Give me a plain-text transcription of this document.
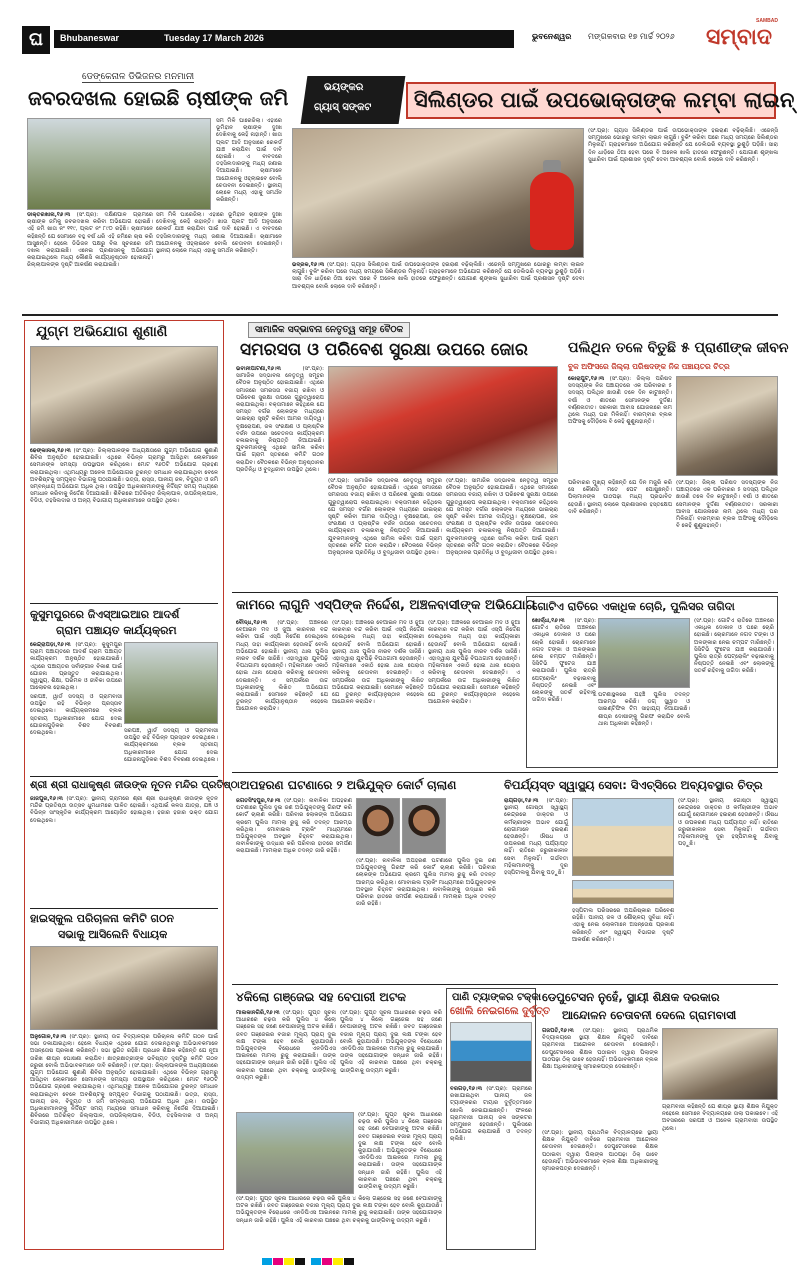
ଘ	Bhubaneswar	Tuesday 17 March 2026	ଭୁବନେଶ୍ୱର ମଙ୍ଗଳବାର ୧୭ ମାର୍ଚ୍ଚ ୨୦୨୬	ସମ୍ବାଦ
SAMBAD
ଡେଙ୍କେନାଳ ଡିଭିଜନର ମନମାନୀ
ଜବରଦଖଲ ହୋଇଛି ଚାଷୀଙ୍କ ଜମି
ସମ ମିଳି ଘାରେଜିଲା। ଏହାରେ ଭୂମିହୀନ ଚାଷୀଙ୍କ ଦୁଃଖ ଦେଖିବାକୁ କେହି ନାହାନ୍ତି। ଖାତା ପ୍ଲଟ ଆଦି ଅନୁସାରେ ରେକର୍ଡ ଯାଞ୍ଚ କରାଯିବା ପାଇଁ ଦାବି ହୋଇଛି। ଏ ବାବଦରେ ତହସିଲଦାରଙ୍କୁ ମଧ୍ୟ ଜଣାଇ ଦିଆଯାଇଛି। ଚାଷୀମାନେ ଆନ୍ଦୋଳନକୁ ଓହ୍ଲାଇବେ ବୋଲି ଚେତାବନୀ ଦେଇଛନ୍ତି। ସ୍ଥାନୀୟ ଲୋକେ ମଧ୍ୟ ଏହାକୁ ସମର୍ଥନ କରିଛନ୍ତି।
ଡାକ୍ତରଖାନା,୧୬।୩ (ସଂ.ପ୍ର): ଦକ୍ଷିଣପାଳ ଗ୍ରାମରେ ଚାଷୀଙ୍କ ଜମିକୁ ଜବରଦଖଲ କରିବା ଅଭିଯୋଗ ହୋଇଛି। ଏହି ଜମି ଖାତା ନଂ ୧୧୯, ପ୍ଲଟ ନଂ ୮୯୦ ରହିଛି। ଚାଷୀମାନେ କହିଛନ୍ତି ଯେ ସେମାନେ ବହୁ ବର୍ଷ ଧରି ଏହି ଜମିରେ ଚାଷ କରି ଆସୁଛନ୍ତି। ହେଲେ ଡିଭିଜନ ପକ୍ଷରୁ ବିନା ସୂଚନାରେ ଜମି ଦଖଲ କରାଯାଇଛି। ଏନେଇ ପ୍ରଶାସନକୁ ଅଭିଯୋଗ କରାଯାଇଥିଲେ ମଧ୍ୟ କୌଣସି କାର୍ଯ୍ୟାନୁଷ୍ଠାନ ହୋଇନାହିଁ। ଜିଲ୍ଲାପାଳଙ୍କ ଦୃଷ୍ଟି ଆକର୍ଷଣ କରାଯାଇଛି।
ସମ ମିଳି ଘାରେଜିଲା। ଏହାରେ ଭୂମିହୀନ ଚାଷୀଙ୍କ ଦୁଃଖ ଦେଖିବାକୁ କେହି ନାହାନ୍ତି। ଖାତା ପ୍ଲଟ ଆଦି ଅନୁସାରେ ରେକର୍ଡ ଯାଞ୍ଚ କରାଯିବା ପାଇଁ ଦାବି ହୋଇଛି। ଏ ବାବଦରେ ତହସିଲଦାରଙ୍କୁ ମଧ୍ୟ ଜଣାଇ ଦିଆଯାଇଛି। ଚାଷୀମାନେ ଆନ୍ଦୋଳନକୁ ଓହ୍ଲାଇବେ ବୋଲି ଚେତାବନୀ ଦେଇଛନ୍ତି। ସ୍ଥାନୀୟ ଲୋକେ ମଧ୍ୟ ଏହାକୁ ସମର୍ଥନ କରିଛନ୍ତି।
ଭୟଙ୍କର
ଗ୍ୟାସ୍ ସଙ୍କଟ	ସିଲିଣ୍ଡର ପାଇଁ ଉପଭୋକ୍ତାଙ୍କ ଲମ୍ବା ଲାଇନ୍
(ସଂ.ପ୍ର): ଗ୍ୟାସ ସିଲିଣ୍ଡର ପାଇଁ ଉପଭୋକ୍ତାଙ୍କ ହଇରାଣ ବଢ଼ିଚାଲିଛି। ଏଜେନ୍ସି ସମ୍ମୁଖରେ ଭୋରରୁ ଲମ୍ବା ଲାଇନ ଲାଗୁଛି। ବୁକିଂ କରିବା ପରେ ମଧ୍ୟ ସମୟରେ ସିଲିଣ୍ଡର ମିଳୁନାହିଁ। ଗ୍ରାହକମାନେ ଅଭିଯୋଗ କରିଛନ୍ତି ଯେ ଡେଲିଭରି ବ୍ୟବସ୍ଥା ଭୁଶୁଡ଼ି ପଡ଼ିଛି। ସାରା ଦିନ ଧାଡ଼ିରେ ଠିଆ ହେବା ପରେ ବି ଅନେକ ଖାଲି ହାତରେ ଫେରୁଛନ୍ତି। ଯୋଗାଣ ଶୃଙ୍ଖଳା ସୁଧାରିବା ପାଇଁ ପ୍ରଶାସନ ଦୃଷ୍ଟି ଦେବା ଆବଶ୍ୟକ ବୋଲି ଲୋକେ ଦାବି କରିଛନ୍ତି।
ଭଦ୍ରକ,୧୬।୩ (ସଂ.ପ୍ର): ଗ୍ୟାସ ସିଲିଣ୍ଡର ପାଇଁ ଉପଭୋକ୍ତାଙ୍କ ହଇରାଣ ବଢ଼ିଚାଲିଛି। ଏଜେନ୍ସି ସମ୍ମୁଖରେ ଭୋରରୁ ଲମ୍ବା ଲାଇନ ଲାଗୁଛି। ବୁକିଂ କରିବା ପରେ ମଧ୍ୟ ସମୟରେ ସିଲିଣ୍ଡର ମିଳୁନାହିଁ। ଗ୍ରାହକମାନେ ଅଭିଯୋଗ କରିଛନ୍ତି ଯେ ଡେଲିଭରି ବ୍ୟବସ୍ଥା ଭୁଶୁଡ଼ି ପଡ଼ିଛି। ସାରା ଦିନ ଧାଡ଼ିରେ ଠିଆ ହେବା ପରେ ବି ଅନେକ ଖାଲି ହାତରେ ଫେରୁଛନ୍ତି। ଯୋଗାଣ ଶୃଙ୍ଖଳା ସୁଧାରିବା ପାଇଁ ପ୍ରଶାସନ ଦୃଷ୍ଟି ଦେବା ଆବଶ୍ୟକ ବୋଲି ଲୋକେ ଦାବି କରିଛନ୍ତି।
ଯୁଗ୍ମ ଅଭିଯୋଗ ଶୁଣାଣି
ଢେଙ୍କାନାଳ,୧୬।୩ (ସଂ.ପ୍ର): ଜିଲ୍ଲାପାଳଙ୍କ ଅଧ୍ୟକ୍ଷତାରେ ଯୁଗ୍ମ ଅଭିଯୋଗ ଶୁଣାଣି ଶିବିର ଅନୁଷ୍ଠିତ ହୋଇଯାଇଛି। ଏଥିରେ ବିଭିନ୍ନ ଗ୍ରାମରୁ ଆସିଥିବା ଲୋକମାନେ ସେମାନଙ୍କ ସମସ୍ୟା ଉପସ୍ଥାପନ କରିଥିଲେ। ମୋଟ ୧୬୦ଟି ଅଭିଯୋଗ ଗ୍ରହଣ କରାଯାଇଥିଲା। ଏଥିମଧ୍ୟରୁ ଅନେକ ଅଭିଯୋଗର ତୁରନ୍ତ ସମାଧାନ କରାଯାଇଥିବା ବେଳେ ଅବଶିଷ୍ଟକୁ ସମ୍ପୃକ୍ତ ବିଭାଗକୁ ପଠାଯାଇଛି। ଭତ୍ତା, ରାସ୍ତା, ପାନୀୟ ଜଳ, ବିଦ୍ୟୁତ ଓ ଜମି ସମ୍ବନ୍ଧୀୟ ଅଭିଯୋଗ ଅଧିକ ଥିଲା। ଉପସ୍ଥିତ ଅଧିକାରୀମାନଙ୍କୁ ନିର୍ଦ୍ଦିଷ୍ଟ ସମୟ ମଧ୍ୟରେ ସମାଧାନ କରିବାକୁ ନିର୍ଦ୍ଦେଶ ଦିଆଯାଇଛି। ଶିବିରରେ ଅତିରିକ୍ତ ଜିଲ୍ଲାପାଳ, ଉପଜିଲ୍ଲାପାଳ, ବିଡିଓ, ତହସିଲଦାର ଓ ଅନ୍ୟ ବିଭାଗୀୟ ଅଧିକାରୀମାନେ ଉପସ୍ଥିତ ଥିଲେ।
କୁସୁମପୁରରେ ଜିଏସ୍ଆଇଆର ଆଦର୍ଶ
ଗ୍ରାମ ପଞ୍ଚାୟତ କାର୍ଯ୍ୟକ୍ରମ
କେନ୍ଦ୍ରାପଡ଼ା,୧୬।୩ (ସଂ.ପ୍ର): କୁସୁମପୁର ଗ୍ରାମ ପଞ୍ଚାୟତରେ ଆଦର୍ଶ ଗ୍ରାମ ପଞ୍ଚାୟତ କାର୍ଯ୍ୟକ୍ରମ ଅନୁଷ୍ଠିତ ହୋଇଯାଇଛି। ଏଥିରେ ପଞ୍ଚାୟତର ସର୍ବାଙ୍ଗୀନ ବିକାଶ ପାଇଁ ଯୋଜନା ପ୍ରସ୍ତୁତ କରାଯାଇଥିଲା। ସ୍ୱାସ୍ଥ୍ୟ, ଶିକ୍ଷା, ପରିମଳ ଓ ଜୀବିକା ଉପରେ ଆଲୋଚନା ହୋଇଥିଲା।
ସରପଞ୍ଚ, ୱାର୍ଡ ସଦସ୍ୟ ଓ ଗ୍ରାମବାସୀ ଉପସ୍ଥିତ ରହି ବିଭିନ୍ନ ପ୍ରସ୍ତାବ ଦେଇଥିଲେ। କାର୍ଯ୍ୟକ୍ରମରେ ବ୍ଲକ ସ୍ତରୀୟ ଅଧିକାରୀମାନେ ଯୋଗ ଦେଇ ଯୋଜନାଗୁଡ଼ିକର ବିଶଦ ବିବରଣୀ ଦେଇଥିଲେ।	ସରପଞ୍ଚ, ୱାର୍ଡ ସଦସ୍ୟ ଓ ଗ୍ରାମବାସୀ ଉପସ୍ଥିତ ରହି ବିଭିନ୍ନ ପ୍ରସ୍ତାବ ଦେଇଥିଲେ। କାର୍ଯ୍ୟକ୍ରମରେ ବ୍ଲକ ସ୍ତରୀୟ ଅଧିକାରୀମାନେ ଯୋଗ ଦେଇ ଯୋଜନାଗୁଡ଼ିକର ବିଶଦ ବିବରଣୀ ଦେଇଥିଲେ।
ଶ୍ରୀ ଶ୍ରୀ ରାଧାକୃଷ୍ଣ ଜୀଉଙ୍କ ନୂତନ ମନ୍ଦିର ପ୍ରତିଷ୍ଠା
ଜାଜପୁର,୧୬।୩ (ସଂ.ପ୍ର): ସ୍ଥାନୀୟ ଗ୍ରାମରେ ଶ୍ରୀ ଶ୍ରୀ ରାଧାକୃଷ୍ଣ ଜୀଉଙ୍କ ନୂତନ ମନ୍ଦିର ପ୍ରତିଷ୍ଠା ଉତ୍ସବ ଧୁମଧାମରେ ପାଳିତ ହୋଇଛି। ଏଥିପାଇଁ କଳସ ଯାତ୍ରା, ଯଜ୍ଞ ଓ ବିଭିନ୍ନ ସାଂସ୍କୃତିକ କାର୍ଯ୍ୟକ୍ରମ ଆୟୋଜିତ ହୋଇଥିଲା। ହଜାର ହଜାର ଭକ୍ତ ଯୋଗ ଦେଇଥିଲେ।
ହାଇସ୍କୁଲ ପରିଚାଳନା କମିଟି ଗଠନ
ସଭାକୁ ଆସିଲେନି ବିଧାୟକ
ଅନୁଗୋଳ,୧୬।୩ (ସଂ.ପ୍ର): ସ୍ଥାନୀୟ ଉଚ୍ଚ ବିଦ୍ୟାଳୟର ପରିଚାଳନା କମିଟି ଗଠନ ପାଇଁ ସଭା ଡକାଯାଇଥିଲା। ହେଲେ ବିଧାୟକ ଏଥିରେ ଯୋଗ ଦେଇନଥିବାରୁ ଅଭିଭାବକମାନେ ଅସନ୍ତୋଷ ପ୍ରକାଶ କରିଛନ୍ତି। ସଭା ସ୍ଥଗିତ ରହିଛି। ପ୍ରଧାନ ଶିକ୍ଷକ କହିଛନ୍ତି ଯେ ନୂଆ ତାରିଖ ଶୀଘ୍ର ଘୋଷଣା କରାଯିବ। ଛାତ୍ରଛାତ୍ରୀଙ୍କ ଭବିଷ୍ୟତ ଦୃଷ୍ଟିରୁ କମିଟି ଗଠନ ଜରୁରୀ ବୋଲି ଅଭିଭାବକମାନେ ଦାବି କରିଛନ୍ତି। (ସଂ.ପ୍ର): ଜିଲ୍ଲାପାଳଙ୍କ ଅଧ୍ୟକ୍ଷତାରେ ଯୁଗ୍ମ ଅଭିଯୋଗ ଶୁଣାଣି ଶିବିର ଅନୁଷ୍ଠିତ ହୋଇଯାଇଛି। ଏଥିରେ ବିଭିନ୍ନ ଗ୍ରାମରୁ ଆସିଥିବା ଲୋକମାନେ ସେମାନଙ୍କ ସମସ୍ୟା ଉପସ୍ଥାପନ କରିଥିଲେ। ମୋଟ ୧୬୦ଟି ଅଭିଯୋଗ ଗ୍ରହଣ କରାଯାଇଥିଲା। ଏଥିମଧ୍ୟରୁ ଅନେକ ଅଭିଯୋଗର ତୁରନ୍ତ ସମାଧାନ କରାଯାଇଥିବା ବେଳେ ଅବଶିଷ୍ଟକୁ ସମ୍ପୃକ୍ତ ବିଭାଗକୁ ପଠାଯାଇଛି। ଭତ୍ତା, ରାସ୍ତା, ପାନୀୟ ଜଳ, ବିଦ୍ୟୁତ ଓ ଜମି ସମ୍ବନ୍ଧୀୟ ଅଭିଯୋଗ ଅଧିକ ଥିଲା। ଉପସ୍ଥିତ ଅଧିକାରୀମାନଙ୍କୁ ନିର୍ଦ୍ଦିଷ୍ଟ ସମୟ ମଧ୍ୟରେ ସମାଧାନ କରିବାକୁ ନିର୍ଦ୍ଦେଶ ଦିଆଯାଇଛି। ଶିବିରରେ ଅତିରିକ୍ତ ଜିଲ୍ଲାପାଳ, ଉପଜିଲ୍ଲାପାଳ, ବିଡିଓ, ତହସିଲଦାର ଓ ଅନ୍ୟ ବିଭାଗୀୟ ଅଧିକାରୀମାନେ ଉପସ୍ଥିତ ଥିଲେ।
ସାମାଜିକ ସଦ୍‌ଭାବନା ନେତୃତ୍ୱ ସମୂହ ବୈଠକ
ସମରସତା ଓ ପରିବେଶ ସୁରକ୍ଷା ଉପରେ ଜୋର
ଭବାନୀପାଟଣା,୧୬।୩	(ସଂ.ପ୍ର): ସାମାଜିକ ସଦ୍‌ଭାବନା ନେତୃତ୍ୱ ସମୂହର ବୈଠକ ଅନୁଷ୍ଠିତ ହୋଇଯାଇଛି। ଏଥିରେ ସମାଜରେ ସମରସତା ବଜାୟ ରଖିବା ଓ ପରିବେଶ ସୁରକ୍ଷା ଉପରେ ଗୁରୁତ୍ୱାରୋପ କରାଯାଇଥିଲା। ବକ୍ତାମାନେ କହିଥିଲେ ଯେ ସମସ୍ତ ବର୍ଗର ଲୋକଙ୍କ ମଧ୍ୟରେ ଭାଇଚାରା ସୃଷ୍ଟି କରିବା ଆମର ଦାୟିତ୍ୱ। ବୃକ୍ଷରୋପଣ, ଜଳ ସଂରକ୍ଷଣ ଓ ପ୍ଲାଷ୍ଟିକ ବର୍ଜନ ଉପରେ ସଚେତନତା କାର୍ଯ୍ୟକ୍ରମ ଚଳାଇବାକୁ ନିଷ୍ପତ୍ତି ନିଆଯାଇଛି। ଯୁବକମାନଙ୍କୁ ଏଥିରେ ସାମିଲ କରିବା ପାଇଁ ଗ୍ରାମ ସ୍ତରରେ କମିଟି ଗଠନ କରାଯିବ। ବୈଠକରେ ବିଭିନ୍ନ ଅନୁଷ୍ଠାନର ପ୍ରତିନିଧି ଓ ବୁଦ୍ଧିଜୀବୀ ଉପସ୍ଥିତ ଥିଲେ।
(ସଂ.ପ୍ର): ସାମାଜିକ ସଦ୍‌ଭାବନା ନେତୃତ୍ୱ ସମୂହର ବୈଠକ ଅନୁଷ୍ଠିତ ହୋଇଯାଇଛି। ଏଥିରେ ସମାଜରେ ସମରସତା ବଜାୟ ରଖିବା ଓ ପରିବେଶ ସୁରକ୍ଷା ଉପରେ ଗୁରୁତ୍ୱାରୋପ କରାଯାଇଥିଲା। ବକ୍ତାମାନେ କହିଥିଲେ ଯେ ସମସ୍ତ ବର୍ଗର ଲୋକଙ୍କ ମଧ୍ୟରେ ଭାଇଚାରା ସୃଷ୍ଟି କରିବା ଆମର ଦାୟିତ୍ୱ। ବୃକ୍ଷରୋପଣ, ଜଳ ସଂରକ୍ଷଣ ଓ ପ୍ଲାଷ୍ଟିକ ବର୍ଜନ ଉପରେ ସଚେତନତା କାର୍ଯ୍ୟକ୍ରମ ଚଳାଇବାକୁ ନିଷ୍ପତ୍ତି ନିଆଯାଇଛି। ଯୁବକମାନଙ୍କୁ ଏଥିରେ ସାମିଲ କରିବା ପାଇଁ ଗ୍ରାମ ସ୍ତରରେ କମିଟି ଗଠନ କରାଯିବ। ବୈଠକରେ ବିଭିନ୍ନ ଅନୁଷ୍ଠାନର ପ୍ରତିନିଧି ଓ ବୁଦ୍ଧିଜୀବୀ ଉପସ୍ଥିତ ଥିଲେ।
(ସଂ.ପ୍ର): ସାମାଜିକ ସଦ୍‌ଭାବନା ନେତୃତ୍ୱ ସମୂହର ବୈଠକ ଅନୁଷ୍ଠିତ ହୋଇଯାଇଛି। ଏଥିରେ ସମାଜରେ ସମରସତା ବଜାୟ ରଖିବା ଓ ପରିବେଶ ସୁରକ୍ଷା ଉପରେ ଗୁରୁତ୍ୱାରୋପ କରାଯାଇଥିଲା। ବକ୍ତାମାନେ କହିଥିଲେ ଯେ ସମସ୍ତ ବର୍ଗର ଲୋକଙ୍କ ମଧ୍ୟରେ ଭାଇଚାରା ସୃଷ୍ଟି କରିବା ଆମର ଦାୟିତ୍ୱ। ବୃକ୍ଷରୋପଣ, ଜଳ ସଂରକ୍ଷଣ ଓ ପ୍ଲାଷ୍ଟିକ ବର୍ଜନ ଉପରେ ସଚେତନତା କାର୍ଯ୍ୟକ୍ରମ ଚଳାଇବାକୁ ନିଷ୍ପତ୍ତି ନିଆଯାଇଛି। ଯୁବକମାନଙ୍କୁ ଏଥିରେ ସାମିଲ କରିବା ପାଇଁ ଗ୍ରାମ ସ୍ତରରେ କମିଟି ଗଠନ କରାଯିବ। ବୈଠକରେ ବିଭିନ୍ନ ଅନୁଷ୍ଠାନର ପ୍ରତିନିଧି ଓ ବୁଦ୍ଧିଜୀବୀ ଉପସ୍ଥିତ ଥିଲେ।
ପଲିଥିନ ତଳେ ବିତୁଛି ୫ ପ୍ରାଣୀଙ୍କ ଜୀବନ
ବୁକ ଅଫିସରେ ଜିଲ୍ଲା ପରିଷଦଙ୍କ ନିଜ ପଞ୍ଚାୟତର ଚିତ୍ର
କୋରାପୁଟ,୧୬।୩ (ସଂ.ପ୍ର): ଜିଲ୍ଲା ପରିଷଦ ସଦସ୍ୟଙ୍କ ନିଜ ପଞ୍ଚାୟତରେ ଏକ ପରିବାରର ୫ ସଦସ୍ୟ ପଲିଥିନ ଛାଉଣି ତଳେ ଦିନ କାଟୁଛନ୍ତି। ବର୍ଷା ଓ ଶୀତରେ ସେମାନଙ୍କ ଦୁର୍ଦ୍ଦଶା ବର୍ଣ୍ଣନାତୀତ। ସରକାରୀ ଆବାସ ଯୋଜନାରେ ନାମ ଥିଲେ ମଧ୍ୟ ଘର ମିଳିନାହିଁ। ବାରମ୍ବାର ବ୍ଲକ ଅଫିସକୁ ଦୌଡ଼ିଲେ ବି କେହି ଶୁଣୁନାହାନ୍ତି।
ପରିବାରର ମୁଖ୍ୟ କହିଛନ୍ତି ଯେ ଦିନ ମଜୁରି କରି ସେ କୌଣସି ମତେ ପେଟ ପୋଷୁଛନ୍ତି। ପିଲାମାନଙ୍କ ପାଠପଢ଼ା ମଧ୍ୟ ପ୍ରଭାବିତ ହେଉଛି। ସ୍ଥାନୀୟ ଲୋକେ ପ୍ରଶାସନର ହସ୍ତକ୍ଷେପ ଦାବି କରିଛନ୍ତି।
(ସଂ.ପ୍ର): ଜିଲ୍ଲା ପରିଷଦ ସଦସ୍ୟଙ୍କ ନିଜ ପଞ୍ଚାୟତରେ ଏକ ପରିବାରର ୫ ସଦସ୍ୟ ପଲିଥିନ ଛାଉଣି ତଳେ ଦିନ କାଟୁଛନ୍ତି। ବର୍ଷା ଓ ଶୀତରେ ସେମାନଙ୍କ ଦୁର୍ଦ୍ଦଶା ବର୍ଣ୍ଣନାତୀତ। ସରକାରୀ ଆବାସ ଯୋଜନାରେ ନାମ ଥିଲେ ମଧ୍ୟ ଘର ମିଳିନାହିଁ। ବାରମ୍ବାର ବ୍ଲକ ଅଫିସକୁ ଦୌଡ଼ିଲେ ବି କେହି ଶୁଣୁନାହାନ୍ତି।
କାମରେ ଲାଗୁନି ଏସ୍‌ପିଙ୍କ ନିର୍ଦ୍ଦେଶ, ଅଞ୍ଚଳବାସୀଙ୍କ ଅଭିଯୋଗ
ବୌଦ୍ଧ,୧୬।୩ (ସଂ.ପ୍ର): ଅଞ୍ଚଳରେ ବେଆଇନ ମଦ ଓ ଜୁଆ କାରବାର ବନ୍ଦ କରିବା ପାଇଁ ଏସ୍‌ପି ନିର୍ଦ୍ଦେଶ ଦେଇଥିଲେ ମଧ୍ୟ ତାହା କାର୍ଯ୍ୟକାରୀ ହେଉନାହିଁ ବୋଲି ଅଭିଯୋଗ ହୋଇଛି। ସ୍ଥାନୀୟ ଥାନା ପୁଲିସ ନୀରବ ଦର୍ଶକ ସାଜିଛି। ଏହାଦ୍ୱାରା ଯୁବପିଢ଼ି ବିପଥଗାମୀ ହେଉଛନ୍ତି। ମହିଳାମାନେ ଏକାଠି ହୋଇ ଥାନା ଘେରାଉ କରିବାକୁ ଚେତାବନୀ ଦେଇଛନ୍ତି। ଏ ସମ୍ପର୍କରେ ଉଚ୍ଚ ଅଧିକାରୀଙ୍କୁ ଲିଖିତ ଅଭିଯୋଗ କରାଯାଇଛି। ସେମାନେ କହିଛନ୍ତି ଯେ ତୁରନ୍ତ କାର୍ଯ୍ୟାନୁଷ୍ଠାନ ନହେଲେ ଆନ୍ଦୋଳନ କରାଯିବ।
(ସଂ.ପ୍ର): ଅଞ୍ଚଳରେ ବେଆଇନ ମଦ ଓ ଜୁଆ କାରବାର ବନ୍ଦ କରିବା ପାଇଁ ଏସ୍‌ପି ନିର୍ଦ୍ଦେଶ ଦେଇଥିଲେ ମଧ୍ୟ ତାହା କାର୍ଯ୍ୟକାରୀ ହେଉନାହିଁ ବୋଲି ଅଭିଯୋଗ ହୋଇଛି। ସ୍ଥାନୀୟ ଥାନା ପୁଲିସ ନୀରବ ଦର୍ଶକ ସାଜିଛି। ଏହାଦ୍ୱାରା ଯୁବପିଢ଼ି ବିପଥଗାମୀ ହେଉଛନ୍ତି। ମହିଳାମାନେ ଏକାଠି ହୋଇ ଥାନା ଘେରାଉ କରିବାକୁ ଚେତାବନୀ ଦେଇଛନ୍ତି। ଏ ସମ୍ପର୍କରେ ଉଚ୍ଚ ଅଧିକାରୀଙ୍କୁ ଲିଖିତ ଅଭିଯୋଗ କରାଯାଇଛି। ସେମାନେ କହିଛନ୍ତି ଯେ ତୁରନ୍ତ କାର୍ଯ୍ୟାନୁଷ୍ଠାନ ନହେଲେ ଆନ୍ଦୋଳନ କରାଯିବ।
(ସଂ.ପ୍ର): ଅଞ୍ଚଳରେ ବେଆଇନ ମଦ ଓ ଜୁଆ କାରବାର ବନ୍ଦ କରିବା ପାଇଁ ଏସ୍‌ପି ନିର୍ଦ୍ଦେଶ ଦେଇଥିଲେ ମଧ୍ୟ ତାହା କାର୍ଯ୍ୟକାରୀ ହେଉନାହିଁ ବୋଲି ଅଭିଯୋଗ ହୋଇଛି। ସ୍ଥାନୀୟ ଥାନା ପୁଲିସ ନୀରବ ଦର୍ଶକ ସାଜିଛି। ଏହାଦ୍ୱାରା ଯୁବପିଢ଼ି ବିପଥଗାମୀ ହେଉଛନ୍ତି। ମହିଳାମାନେ ଏକାଠି ହୋଇ ଥାନା ଘେରାଉ କରିବାକୁ ଚେତାବନୀ ଦେଇଛନ୍ତି। ଏ ସମ୍ପର୍କରେ ଉଚ୍ଚ ଅଧିକାରୀଙ୍କୁ ଲିଖିତ ଅଭିଯୋଗ କରାଯାଇଛି। ସେମାନେ କହିଛନ୍ତି ଯେ ତୁରନ୍ତ କାର୍ଯ୍ୟାନୁଷ୍ଠାନ ନହେଲେ ଆନ୍ଦୋଳନ କରାଯିବ।
ଗୋଟିଏ ରାତିରେ ଏକାଧିକ ଚୋରି, ପୁଲିସର ତାଗିଦା
ଖୋର୍ଦ୍ଧା,୧୬।୩ (ସଂ.ପ୍ର): ଗୋଟିଏ ରାତିରେ ଅଞ୍ଚଳରେ ଏକାଧିକ ଦୋକାନ ଓ ଘରେ ଚୋରି ହୋଇଛି। ଚୋରମାନେ ନଗଦ ଟଙ୍କା ଓ ଅଳଙ୍କାର ନେଇ ଚମ୍ପଟ ମାରିଛନ୍ତି। ସିସିଟିଭି ଫୁଟେଜ ଯାଞ୍ଚ କରାଯାଉଛି। ପୁଲିସ ରାତ୍ରି ପେଟ୍ରୋଲିଂ ବଢ଼ାଇବାକୁ ନିଷ୍ପତ୍ତି ନେଇଛି ଏବଂ ଲୋକଙ୍କୁ ସତର୍କ ରହିବାକୁ ତାଗିଦା କରିଛି।
ଘଟଣାସ୍ଥଳରେ ପହଞ୍ଚି ପୁଲିସ ତଦନ୍ତ ଆରମ୍ଭ କରିଛି। ଡଗ୍ ସ୍କ୍ୱାଡ ଓ ସାଇଣ୍ଟିଫିକ ଟିମ ସାହାଯ୍ୟ ନିଆଯାଇଛି। ଶୀଘ୍ର ଦୋଷୀଙ୍କୁ ଗିରଫ କରାଯିବ ବୋଲି ଥାନା ଅଧିକାରୀ କହିଛନ୍ତି।
(ସଂ.ପ୍ର): ଗୋଟିଏ ରାତିରେ ଅଞ୍ଚଳରେ ଏକାଧିକ ଦୋକାନ ଓ ଘରେ ଚୋରି ହୋଇଛି। ଚୋରମାନେ ନଗଦ ଟଙ୍କା ଓ ଅଳଙ୍କାର ନେଇ ଚମ୍ପଟ ମାରିଛନ୍ତି। ସିସିଟିଭି ଫୁଟେଜ ଯାଞ୍ଚ କରାଯାଉଛି। ପୁଲିସ ରାତ୍ରି ପେଟ୍ରୋଲିଂ ବଢ଼ାଇବାକୁ ନିଷ୍ପତ୍ତି ନେଇଛି ଏବଂ ଲୋକଙ୍କୁ ସତର୍କ ରହିବାକୁ ତାଗିଦା କରିଛି।
ଅପହରଣ ଘଟଣାରେ ୨ ଅଭିଯୁକ୍ତ କୋର୍ଟ ଚାଲାଣ
ଜଗତସିଂହପୁର,୧୬।୩ (ସଂ.ପ୍ର): ନାବାଳିକା ଅପହରଣ ଘଟଣାରେ ପୁଲିସ ଦୁଇ ଜଣ ଅଭିଯୁକ୍ତଙ୍କୁ ଗିରଫ କରି କୋର୍ଟ ଚାଲାଣ କରିଛି। ପରିବାର ଲୋକଙ୍କ ଅଭିଯୋଗ କ୍ରମେ ପୁଲିସ ମାମଲା ରୁଜୁ କରି ତଦନ୍ତ ଆରମ୍ଭ କରିଥିଲା। ମୋବାଇଲ ଟ୍ରାକିଂ ମାଧ୍ୟମରେ ଅଭିଯୁକ୍ତଙ୍କ ଅବସ୍ଥାନ ଚିହ୍ନଟ କରାଯାଇଥିଲା। ନାବାଳିକାଙ୍କୁ ଉଦ୍ଧାର କରି ପରିବାର ହାତରେ ସମର୍ପଣ କରାଯାଇଛି। ମାମଲାର ଅଧିକ ତଦନ୍ତ ଜାରି ରହିଛି।
(ସଂ.ପ୍ର): ନାବାଳିକା ଅପହରଣ ଘଟଣାରେ ପୁଲିସ ଦୁଇ ଜଣ ଅଭିଯୁକ୍ତଙ୍କୁ ଗିରଫ କରି କୋର୍ଟ ଚାଲାଣ କରିଛି। ପରିବାର ଲୋକଙ୍କ ଅଭିଯୋଗ କ୍ରମେ ପୁଲିସ ମାମଲା ରୁଜୁ କରି ତଦନ୍ତ ଆରମ୍ଭ କରିଥିଲା। ମୋବାଇଲ ଟ୍ରାକିଂ ମାଧ୍ୟମରେ ଅଭିଯୁକ୍ତଙ୍କ ଅବସ୍ଥାନ ଚିହ୍ନଟ କରାଯାଇଥିଲା। ନାବାଳିକାଙ୍କୁ ଉଦ୍ଧାର କରି ପରିବାର ହାତରେ ସମର୍ପଣ କରାଯାଇଛି। ମାମଲାର ଅଧିକ ତଦନ୍ତ ଜାରି ରହିଛି।
ବିପର୍ଯ୍ୟସ୍ତ ସ୍ୱାସ୍ଥ୍ୟ ସେବା: ସିଏଚ୍‌ସିରେ ଅବ୍ୟବସ୍ଥାର ଚିତ୍ର
ରାୟଗଡ଼ା,୧୬।୩ (ସଂ.ପ୍ର): ସ୍ଥାନୀୟ ଗୋଷ୍ଠୀ ସ୍ୱାସ୍ଥ୍ୟ କେନ୍ଦ୍ରରେ ଡାକ୍ତର ଓ କର୍ମଚାରୀଙ୍କ ଅଭାବ ଯୋଗୁଁ ରୋଗୀମାନେ ହଇରାଣ ହେଉଛନ୍ତି। ଔଷଧ ଓ ଉପକରଣ ମଧ୍ୟ ପର୍ଯ୍ୟାପ୍ତ ନାହିଁ। ରାତିରେ ଜରୁରୀକାଳୀନ ସେବା ମିଳୁନାହିଁ। ଗର୍ଭବତୀ ମହିଳାମାନଙ୍କୁ ଦୂର ହସ୍ପିଟାଲକୁ ଯିବାକୁ ପଡ଼ୁଛି।
ହସ୍ପିଟାଲ ପରିସରରେ ଅପରିଷ୍କାର ପରିବେଶ ରହିଛି। ପାନୀୟ ଜଳ ଓ ଶୌଚାଳୟ ସୁବିଧା ନାହିଁ। ଏହାକୁ ନେଇ ଲୋକମାନେ ଅସନ୍ତୋଷ ପ୍ରକାଶ କରିଛନ୍ତି ଏବଂ ସ୍ୱାସ୍ଥ୍ୟ ବିଭାଗର ଦୃଷ୍ଟି ଆକର୍ଷଣ କରିଛନ୍ତି।
(ସଂ.ପ୍ର): ସ୍ଥାନୀୟ ଗୋଷ୍ଠୀ ସ୍ୱାସ୍ଥ୍ୟ କେନ୍ଦ୍ରରେ ଡାକ୍ତର ଓ କର୍ମଚାରୀଙ୍କ ଅଭାବ ଯୋଗୁଁ ରୋଗୀମାନେ ହଇରାଣ ହେଉଛନ୍ତି। ଔଷଧ ଓ ଉପକରଣ ମଧ୍ୟ ପର୍ଯ୍ୟାପ୍ତ ନାହିଁ। ରାତିରେ ଜରୁରୀକାଳୀନ ସେବା ମିଳୁନାହିଁ। ଗର୍ଭବତୀ ମହିଳାମାନଙ୍କୁ ଦୂର ହସ୍ପିଟାଲକୁ ଯିବାକୁ ପଡ଼ୁଛି।
୪କିଲୋ ଗଞ୍ଜେଇ ସହ ବେପାରୀ ଅଟକ
ମାଲକାନଗିରି,୧୬।୩ (ସଂ.ପ୍ର): ଗୁପ୍ତ ସୂଚନା ଆଧାରରେ ଚଢ଼ଉ କରି ପୁଲିସ ୪ କିଲୋ ଗଞ୍ଜେଇ ସହ ଜଣେ ବେପାରୀଙ୍କୁ ଅଟକ ରଖିଛି। ଜବତ ଗଞ୍ଜେଇର ବଜାର ମୂଲ୍ୟ ପ୍ରାୟ ଦୁଇ ଲକ୍ଷ ଟଙ୍କା ହେବ ବୋଲି କୁହାଯାଉଛି। ଅଭିଯୁକ୍ତଙ୍କ ବିରୋଧରେ ଏନଡିପିଏସ ଆଇନରେ ମାମଲା ରୁଜୁ କରାଯାଇଛି। ତାଙ୍କ ସହଯୋଗୀଙ୍କ ସନ୍ଧାନ ଜାରି ରହିଛି। ପୁଲିସ ଏହି କାରବାର ପଛରେ ଥିବା ଚକ୍ରକୁ ଭାଙ୍ଗିବାକୁ ଉଦ୍ୟମ କରୁଛି।
(ସଂ.ପ୍ର): ଗୁପ୍ତ ସୂଚନା ଆଧାରରେ ଚଢ଼ଉ କରି ପୁଲିସ ୪ କିଲୋ ଗଞ୍ଜେଇ ସହ ଜଣେ ବେପାରୀଙ୍କୁ ଅଟକ ରଖିଛି। ଜବତ ଗଞ୍ଜେଇର ବଜାର ମୂଲ୍ୟ ପ୍ରାୟ ଦୁଇ ଲକ୍ଷ ଟଙ୍କା ହେବ ବୋଲି କୁହାଯାଉଛି। ଅଭିଯୁକ୍ତଙ୍କ ବିରୋଧରେ ଏନଡିପିଏସ ଆଇନରେ ମାମଲା ରୁଜୁ କରାଯାଇଛି। ତାଙ୍କ ସହଯୋଗୀଙ୍କ ସନ୍ଧାନ ଜାରି ରହିଛି। ପୁଲିସ ଏହି କାରବାର ପଛରେ ଥିବା ଚକ୍ରକୁ ଭାଙ୍ଗିବାକୁ ଉଦ୍ୟମ କରୁଛି।
(ସଂ.ପ୍ର): ଗୁପ୍ତ ସୂଚନା ଆଧାରରେ ଚଢ଼ଉ କରି ପୁଲିସ ୪ କିଲୋ ଗଞ୍ଜେଇ ସହ ଜଣେ ବେପାରୀଙ୍କୁ ଅଟକ ରଖିଛି। ଜବତ ଗଞ୍ଜେଇର ବଜାର ମୂଲ୍ୟ ପ୍ରାୟ ଦୁଇ ଲକ୍ଷ ଟଙ୍କା ହେବ ବୋଲି କୁହାଯାଉଛି। ଅଭିଯୁକ୍ତଙ୍କ ବିରୋଧରେ ଏନଡିପିଏସ ଆଇନରେ ମାମଲା ରୁଜୁ କରାଯାଇଛି। ତାଙ୍କ ସହଯୋଗୀଙ୍କ ସନ୍ଧାନ ଜାରି ରହିଛି। ପୁଲିସ ଏହି କାରବାର ପଛରେ ଥିବା ଚକ୍ରକୁ ଭାଙ୍ଗିବାକୁ ଉଦ୍ୟମ କରୁଛି।
(ସଂ.ପ୍ର): ଗୁପ୍ତ ସୂଚନା ଆଧାରରେ ଚଢ଼ଉ କରି ପୁଲିସ ୪ କିଲୋ ଗଞ୍ଜେଇ ସହ ଜଣେ ବେପାରୀଙ୍କୁ ଅଟକ ରଖିଛି। ଜବତ ଗଞ୍ଜେଇର ବଜାର ମୂଲ୍ୟ ପ୍ରାୟ ଦୁଇ ଲକ୍ଷ ଟଙ୍କା ହେବ ବୋଲି କୁହାଯାଉଛି। ଅଭିଯୁକ୍ତଙ୍କ ବିରୋଧରେ ଏନଡିପିଏସ ଆଇନରେ ମାମଲା ରୁଜୁ କରାଯାଇଛି। ତାଙ୍କ ସହଯୋଗୀଙ୍କ ସନ୍ଧାନ ଜାରି ରହିଛି। ପୁଲିସ ଏହି କାରବାର ପଛରେ ଥିବା ଚକ୍ରକୁ ଭାଙ୍ଗିବାକୁ ଉଦ୍ୟମ କରୁଛି।
ପାଣି ଟ୍ୟାଙ୍କର ଟକ୍କା
ଖୋଲି ନେଇଗଲେ ଦୁର୍ବୃତ୍ତ
ବରଗଡ଼,୧୬।୩ (ସଂ.ପ୍ର): ଗ୍ରାମରେ ରଖାଯାଇଥିବା ପାନୀୟ ଜଳ ଟ୍ୟାଙ୍କରର ଟାୟାର ଦୁର୍ବୃତ୍ତମାନେ ଖୋଲି ନେଇଯାଇଛନ୍ତି। ଫଳରେ ଗ୍ରାମବାସୀ ପାନୀୟ ଜଳ ସଙ୍କଟର ସମ୍ମୁଖୀନ ହେଉଛନ୍ତି। ପୁଲିସରେ ଅଭିଯୋଗ କରାଯାଇଛି ଓ ତଦନ୍ତ ଚାଲିଛି।
ଡେପୁଟେସନ ନୁହେଁ, ସ୍ଥାୟୀ ଶିକ୍ଷକ ଦରକାର
ଆନ୍ଦୋଳନ ଚେତାବନୀ ଦେଲେ ଗ୍ରାମବାସୀ
ଗଜପତି,୧୬।୩ (ସଂ.ପ୍ର): ସ୍ଥାନୀୟ ପ୍ରାଥମିକ ବିଦ୍ୟାଳୟରେ ସ୍ଥାୟୀ ଶିକ୍ଷକ ନିଯୁକ୍ତି ଦାବିରେ ଗ୍ରାମବାସୀ ଆନ୍ଦୋଳନ ଚେତାବନୀ ଦେଇଛନ୍ତି। ଡେପୁଟେସନରେ ଶିକ୍ଷକ ପଠାଇବା ଦ୍ୱାରା ପିଲାଙ୍କ ପାଠପଢ଼ା ଠିକ୍ ଭାବେ ହେଉନାହିଁ। ଅଭିଭାବକମାନେ ବ୍ଲକ ଶିକ୍ଷା ଅଧିକାରୀଙ୍କୁ ସ୍ମାରକପତ୍ର ଦେଇଛନ୍ତି।
ଗ୍ରାମବାସୀ କହିଛନ୍ତି ଯେ ଶୀଘ୍ର ସ୍ଥାୟୀ ଶିକ୍ଷକ ନିଯୁକ୍ତ ନହେଲେ ସେମାନେ ବିଦ୍ୟାଳୟରେ ତାଲା ପକାଇବେ। ଏହି ଅବସରରେ ସରପଞ୍ଚ ଓ ଅନେକ ଗ୍ରାମବାସୀ ଉପସ୍ଥିତ ଥିଲେ।
(ସଂ.ପ୍ର): ସ୍ଥାନୀୟ ପ୍ରାଥମିକ ବିଦ୍ୟାଳୟରେ ସ୍ଥାୟୀ ଶିକ୍ଷକ ନିଯୁକ୍ତି ଦାବିରେ ଗ୍ରାମବାସୀ ଆନ୍ଦୋଳନ ଚେତାବନୀ ଦେଇଛନ୍ତି। ଡେପୁଟେସନରେ ଶିକ୍ଷକ ପଠାଇବା ଦ୍ୱାରା ପିଲାଙ୍କ ପାଠପଢ଼ା ଠିକ୍ ଭାବେ ହେଉନାହିଁ। ଅଭିଭାବକମାନେ ବ୍ଲକ ଶିକ୍ଷା ଅଧିକାରୀଙ୍କୁ ସ୍ମାରକପତ୍ର ଦେଇଛନ୍ତି।
